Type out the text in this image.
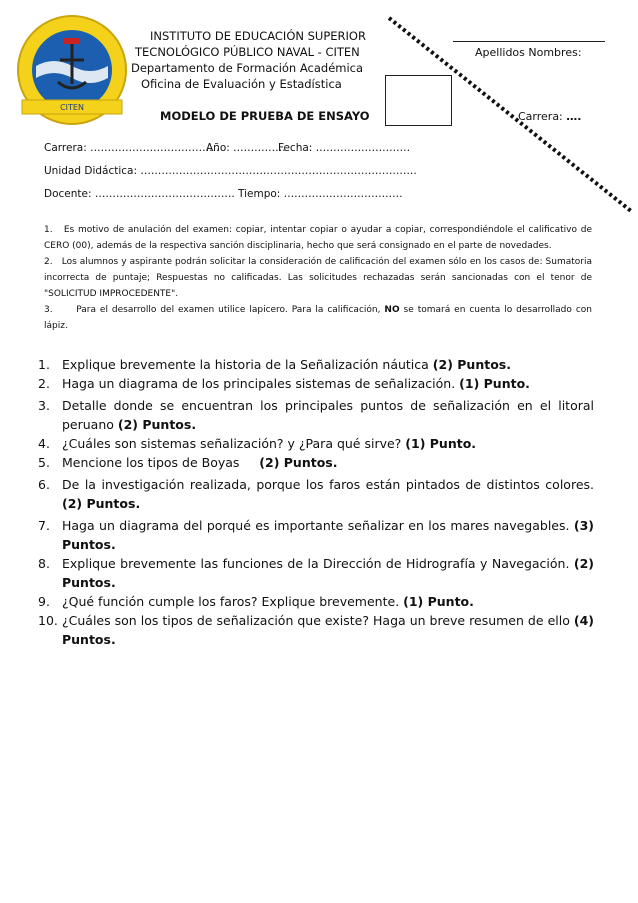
CITEN
INSTITUTO DE EDUCACIÓN SUPERIOR
TECNOLÓGICO PÚBLICO NAVAL - CITEN
Departamento de Formación Académica
Oficina de Evaluación y Estadística
MODELO DE PRUEBA DE ENSAYO
Apellidos Nombres:
Carrera: ….
Carrera: ……………………………….
Año: ……………
Fecha: ………………………
Unidad Didáctica: …………………………………………………………………….
Docente: …………………………………. Tiempo: …………………………….

1. Es motivo de anulación del examen: copiar, intentar copiar o ayudar a copiar, correspondiéndole el calificativo de CERO (00), además de la respectiva sanción disciplinaria, hecho que será consignado en el parte de novedades.

2. Los alumnos y aspirante podrán solicitar la consideración de calificación del examen sólo en los casos de: Sumatoria incorrecta de puntaje; Respuestas no calificadas. Las solicitudes rechazadas serán sancionadas con el tenor de "SOLICITUD IMPROCEDENTE".

3.	Para el desarrollo del examen utilice lapicero. Para la calificación, NO se tomará en cuenta lo desarrollado con lápiz.

1. Explique brevemente la historia de la Señalización náutica (2) Puntos.
2. Haga un diagrama de los principales sistemas de señalización. (1) Punto.
3. Detalle donde se encuentran los principales puntos de señalización en el litoral peruano (2) Puntos.
4. ¿Cuáles son sistemas señalización? y ¿Para qué sirve? (1) Punto.
5. Mencione los tipos de Boyas     (2) Puntos.
6. De la investigación realizada, porque los faros están pintados de distintos colores. (2) Puntos.
7. Haga un diagrama del porqué es importante señalizar en los mares navegables. (3) Puntos.
8. Explique brevemente las funciones de la Dirección de Hidrografía y Navegación. (2) Puntos.
9. ¿Qué función cumple los faros? Explique brevemente. (1) Punto.
10. ¿Cuáles son los tipos de señalización que existe? Haga un breve resumen de ello (4) Puntos.
